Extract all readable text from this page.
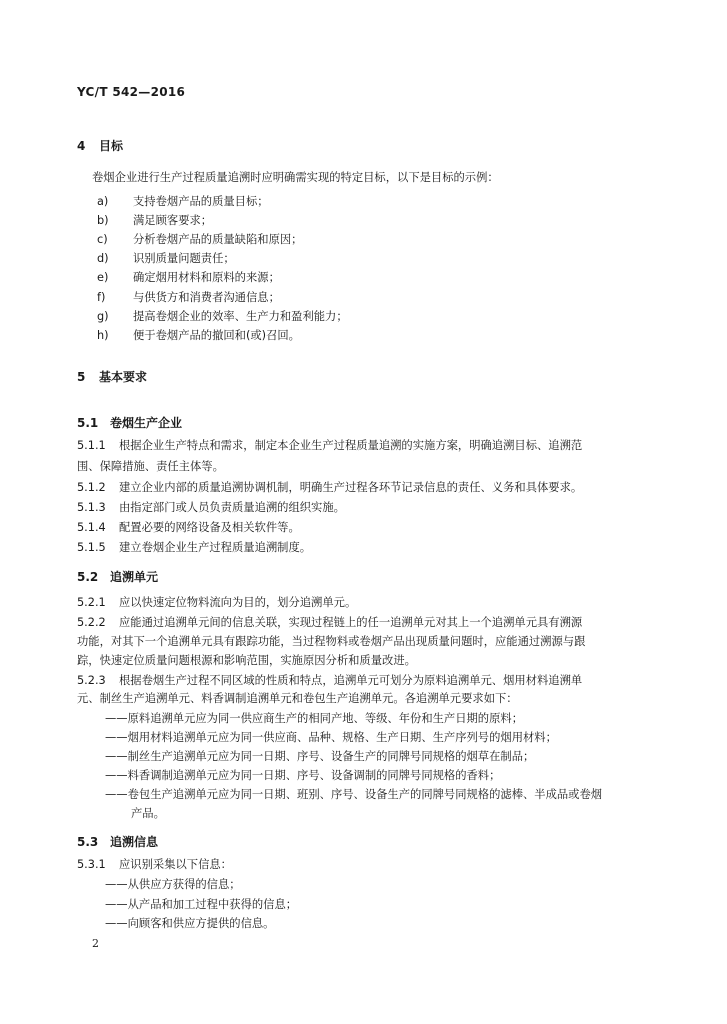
YC/T 542—2016
4 目标
卷烟企业进行生产过程质量追溯时应明确需实现的特定目标，以下是目标的示例：
a) 支持卷烟产品的质量目标；
b) 满足顾客要求；
c) 分析卷烟产品的质量缺陷和原因；
d) 识别质量问题责任；
e) 确定烟用材料和原料的来源；
f) 与供货方和消费者沟通信息；
g) 提高卷烟企业的效率、生产力和盈利能力；
h) 便于卷烟产品的撤回和(或)召回。
5 基本要求
5.1 卷烟生产企业
5.1.1 根据企业生产特点和需求，制定本企业生产过程质量追溯的实施方案，明确追溯目标、追溯范
围、保障措施、责任主体等。
5.1.2 建立企业内部的质量追溯协调机制，明确生产过程各环节记录信息的责任、义务和具体要求。
5.1.3 由指定部门或人员负责质量追溯的组织实施。
5.1.4 配置必要的网络设备及相关软件等。
5.1.5 建立卷烟企业生产过程质量追溯制度。
5.2 追溯单元
5.2.1 应以快速定位物料流向为目的，划分追溯单元。
5.2.2 应能通过追溯单元间的信息关联，实现过程链上的任一追溯单元对其上一个追溯单元具有溯源
功能，对其下一个追溯单元具有跟踪功能，当过程物料或卷烟产品出现质量问题时，应能通过溯源与跟
踪，快速定位质量问题根源和影响范围，实施原因分析和质量改进。
5.2.3 根据卷烟生产过程不同区域的性质和特点，追溯单元可划分为原料追溯单元、烟用材料追溯单
元、制丝生产追溯单元、料香调制追溯单元和卷包生产追溯单元。各追溯单元要求如下：
——原料追溯单元应为同一供应商生产的相同产地、等级、年份和生产日期的原料；
——烟用材料追溯单元应为同一供应商、品种、规格、生产日期、生产序列号的烟用材料；
——制丝生产追溯单元应为同一日期、序号、设备生产的同牌号同规格的烟草在制品；
——料香调制追溯单元应为同一日期、序号、设备调制的同牌号同规格的香料；
——卷包生产追溯单元应为同一日期、班别、序号、设备生产的同牌号同规格的滤棒、半成品或卷烟
产品。
5.3 追溯信息
5.3.1 应识别采集以下信息：
——从供应方获得的信息；
——从产品和加工过程中获得的信息；
——向顾客和供应方提供的信息。
2
